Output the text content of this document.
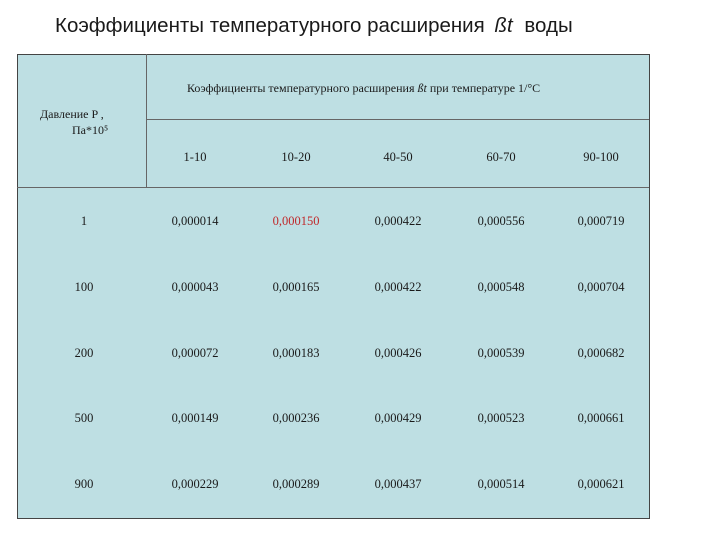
Коэффициенты температурного расширения ßt воды
Коэффициенты температурного расширения ßt при температуре 1/°C
Давление P ,
Па*10⁵
1-10	10-20	40-50	60-70	90-100
1	0,000014	0,000150	0,000422	0,000556	0,000719
100	0,000043	0,000165	0,000422	0,000548	0,000704
200	0,000072	0,000183	0,000426	0,000539	0,000682
500	0,000149	0,000236	0,000429	0,000523	0,000661
900	0,000229	0,000289	0,000437	0,000514	0,000621
